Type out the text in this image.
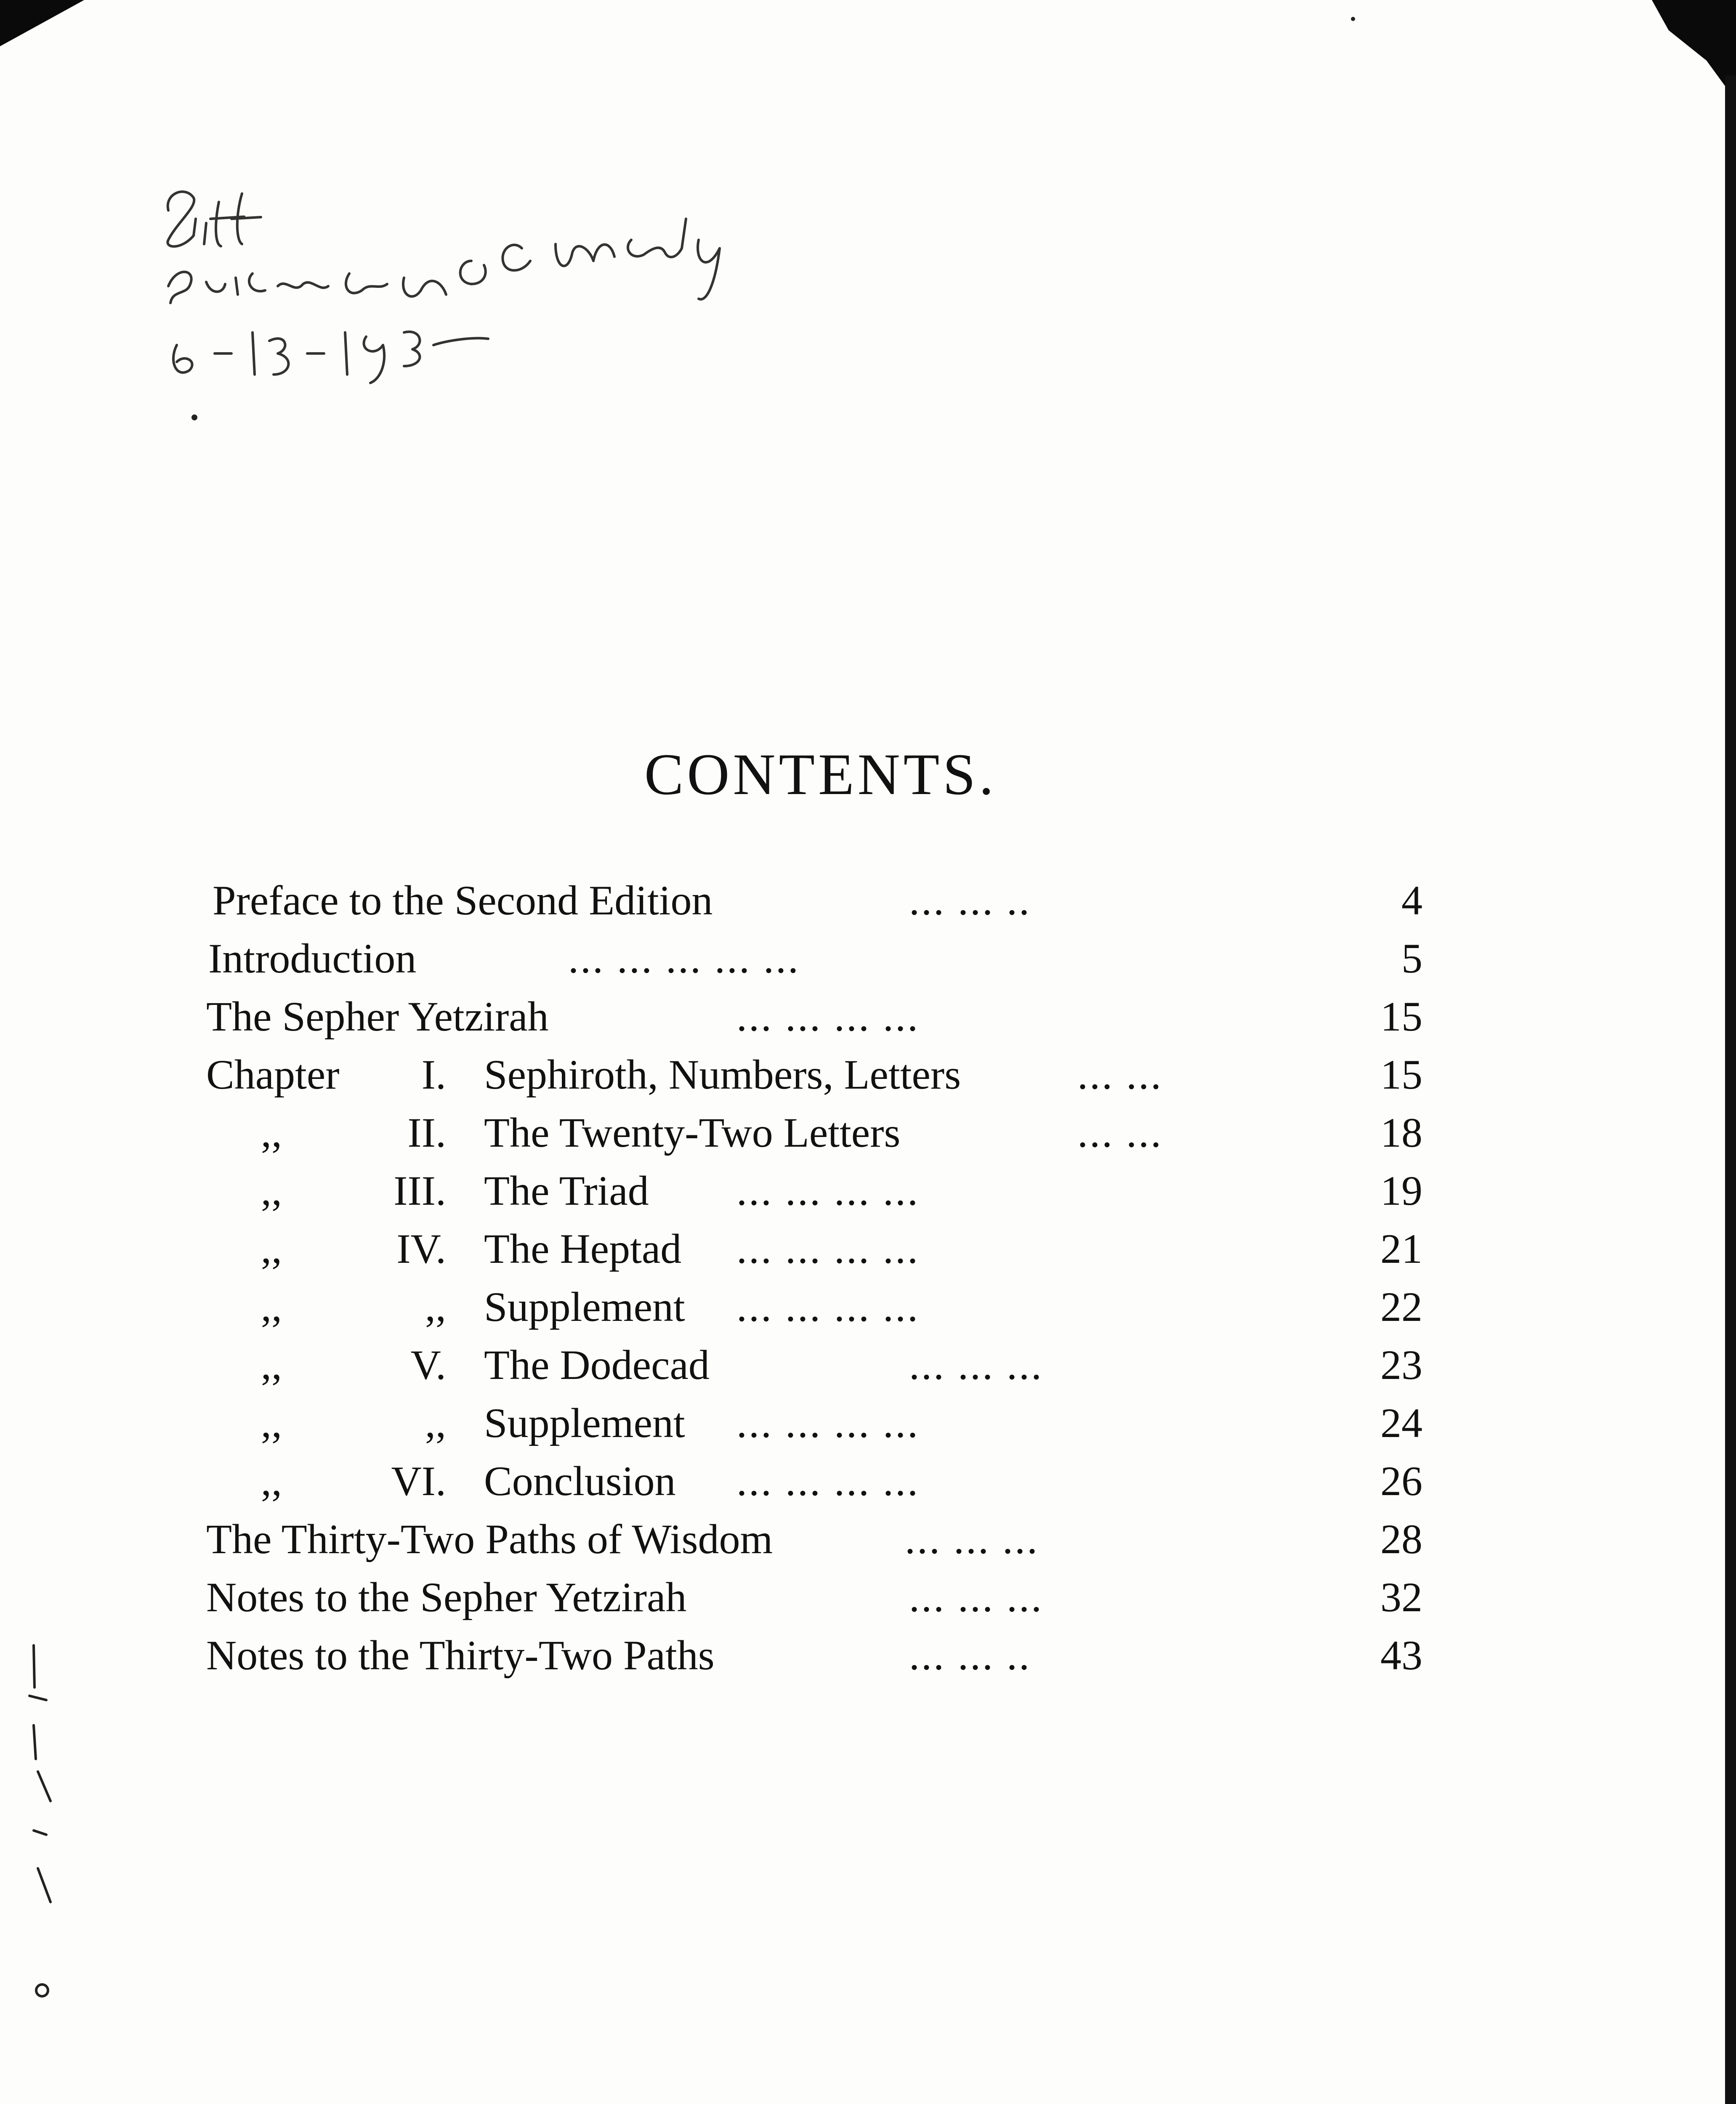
CONTENTS.
Preface to the Second Edition	... ... ..	4
Introduction	... ... ... ... ...	5
The Sepher Yetzirah	... ... ... ...	15
Chapter	I. Sephiroth, Numbers, Letters	... ...	15
,,	II. The Twenty-Two Letters	... ...	18
,,	III. The Triad ... ... ... ...	19
,,	IV. The Heptad ... ... ... ...	21
,,	,, Supplement ... ... ... ...	22
,,	V. The Dodecad	... ... ...	23
,,	,, Supplement ... ... ... ...	24
,,	VI. Conclusion ... ... ... ...	26
The Thirty-Two Paths of Wisdom	... ... ...	28
Notes to the Sepher Yetzirah	... ... ...	32
Notes to the Thirty-Two Paths	... ... ..	43
